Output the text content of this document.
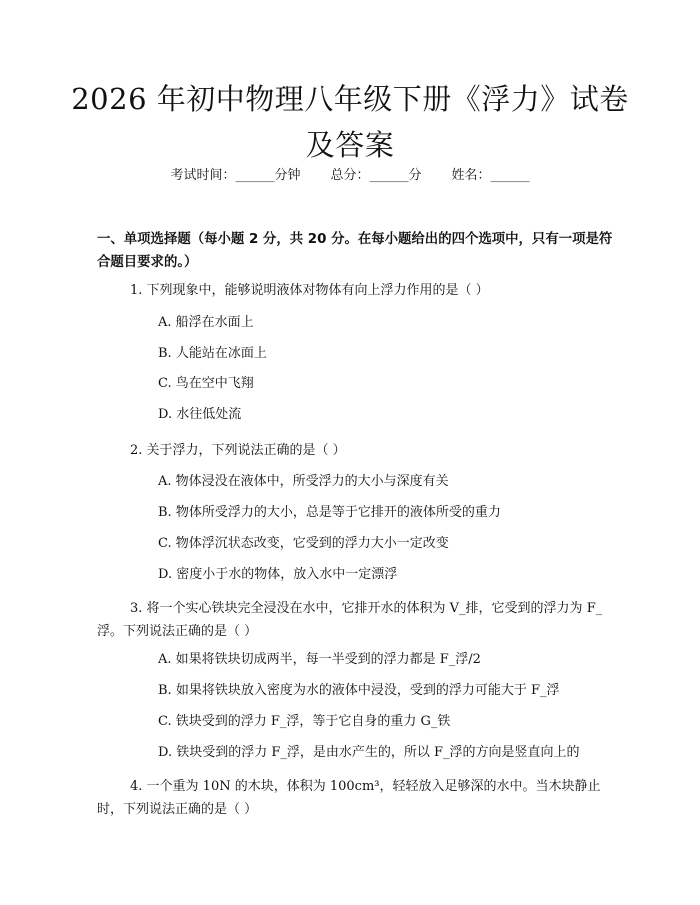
2026 年初中物理八年级下册《浮力》试卷及答案
考试时间：______分钟 总分：______分 姓名：______

一、单项选择题（每小题 2 分，共 20 分。在每小题给出的四个选项中，只有一项是符合题目要求的。）

1. 下列现象中，能够说明液体对物体有向上浮力作用的是（ ）

A. 船浮在水面上

B. 人能站在冰面上

C. 鸟在空中飞翔

D. 水往低处流

2. 关于浮力，下列说法正确的是（ ）

A. 物体浸没在液体中，所受浮力的大小与深度有关

B. 物体所受浮力的大小，总是等于它排开的液体所受的重力

C. 物体浮沉状态改变，它受到的浮力大小一定改变

D. 密度小于水的物体，放入水中一定漂浮

3. 将一个实心铁块完全浸没在水中，它排开水的体积为 V_排，它受到的浮力为 F_浮。下列说法正确的是（ ）

A. 如果将铁块切成两半，每一半受到的浮力都是 F_浮/2

B. 如果将铁块放入密度为水的液体中浸没，受到的浮力可能大于 F_浮

C. 铁块受到的浮力 F_浮，等于它自身的重力 G_铁

D. 铁块受到的浮力 F_浮，是由水产生的，所以 F_浮的方向是竖直向上的

4. 一个重为 10N 的木块，体积为 100cm³，轻轻放入足够深的水中。当木块静止时，下列说法正确的是（ ）
